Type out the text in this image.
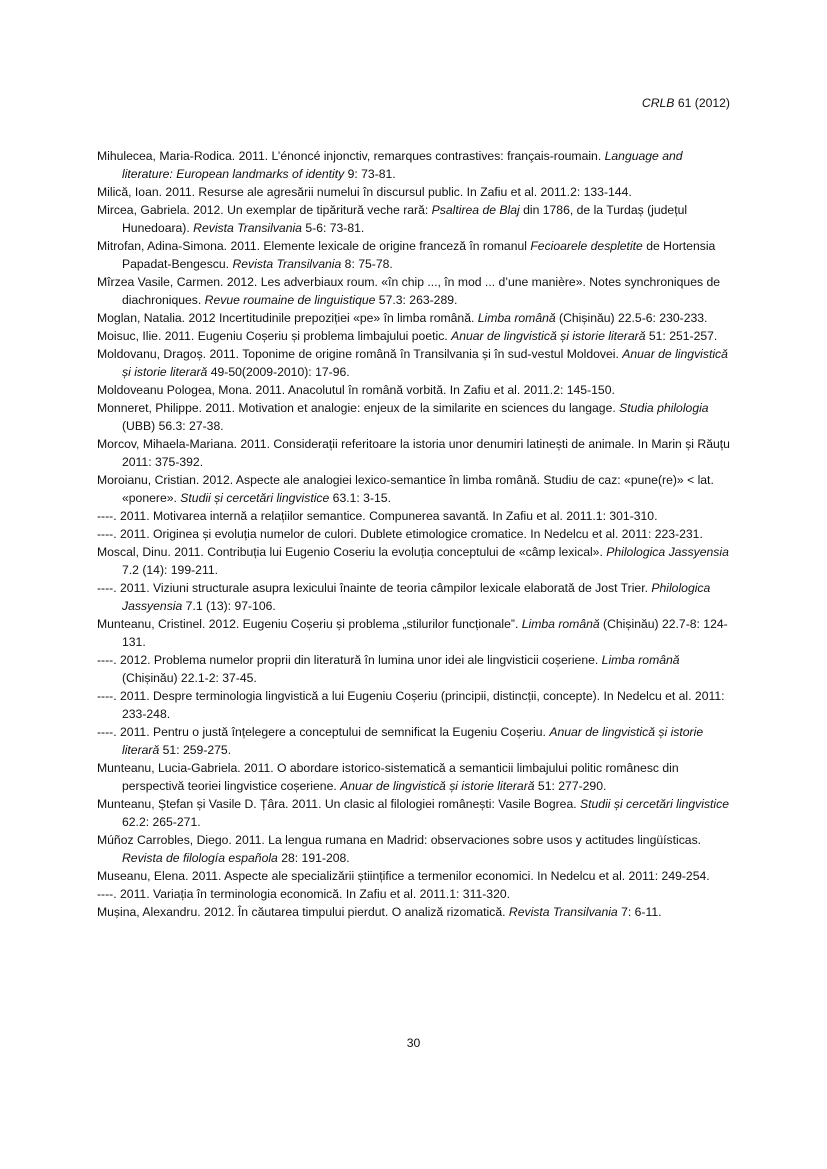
CRLB 61 (2012)

Mihulecea, Maria-Rodica. 2011. L’énoncé injonctiv, remarques contrastives: français-roumain. Language and literature: European landmarks of identity 9: 73-81.

Milică, Ioan. 2011. Resurse ale agresării numelui în discursul public. In Zafiu et al. 2011.2: 133-144.

Mircea, Gabriela. 2012. Un exemplar de tipăritură veche rară: Psaltirea de Blaj din 1786, de la Turdaș (județul Hunedoara). Revista Transilvania 5-6: 73-81.

Mitrofan, Adina-Simona. 2011. Elemente lexicale de origine franceză în romanul Fecioarele despletite de Hortensia Papadat-Bengescu. Revista Transilvania 8: 75-78.

Mîrzea Vasile, Carmen. 2012. Les adverbiaux roum. «în chip ..., în mod ... d’une manière». Notes synchroniques de diachroniques. Revue roumaine de linguistique 57.3: 263-289.

Moglan, Natalia. 2012 Incertitudinile prepoziției «pe» în limba română. Limba română (Chișinău) 22.5-6: 230-233.

Moisuc, Ilie. 2011. Eugeniu Coșeriu și problema limbajului poetic. Anuar de lingvistică și istorie literară 51: 251-257.

Moldovanu, Dragoș. 2011. Toponime de origine română în Transilvania și în sud-vestul Moldovei. Anuar de lingvistică și istorie literară 49-50(2009-2010): 17-96.

Moldoveanu Pologea, Mona. 2011. Anacolutul în română vorbită. In Zafiu et al. 2011.2: 145-150.

Monneret, Philippe. 2011. Motivation et analogie: enjeux de la similarite en sciences du langage. Studia philologia (UBB) 56.3: 27-38.

Morcov, Mihaela-Mariana. 2011. Considerații referitoare la istoria unor denumiri latinești de animale. In Marin și Răuțu 2011: 375-392.

Moroianu, Cristian. 2012. Aspecte ale analogiei lexico-semantice în limba română. Studiu de caz: «pune(re)» < lat. «ponere». Studii și cercetări lingvistice 63.1: 3-15.

----. 2011. Motivarea internă a relațiilor semantice. Compunerea savantă. In Zafiu et al. 2011.1: 301-310.

----. 2011. Originea și evoluția numelor de culori. Dublete etimologice cromatice. In Nedelcu et al. 2011: 223-231.

Moscal, Dinu. 2011. Contribuția lui Eugenio Coseriu la evoluția conceptului de «câmp lexical». Philologica Jassyensia 7.2 (14): 199-211.

----. 2011. Viziuni structurale asupra lexicului înainte de teoria câmpilor lexicale elaborată de Jost Trier. Philologica Jassyensia 7.1 (13): 97-106.

Munteanu, Cristinel. 2012. Eugeniu Coșeriu și problema „stilurilor funcționale”. Limba română (Chișinău) 22.7-8: 124-131.

----. 2012. Problema numelor proprii din literatură în lumina unor idei ale lingvisticii coșeriene. Limba română (Chișinău) 22.1-2: 37-45.

----. 2011. Despre terminologia lingvistică a lui Eugeniu Coșeriu (principii, distincții, concepte). In Nedelcu et al. 2011: 233-248.

----. 2011. Pentru o justă înțelegere a conceptului de semnificat la Eugeniu Coșeriu. Anuar de lingvistică și istorie literară 51: 259-275.

Munteanu, Lucia-Gabriela. 2011. O abordare istorico-sistematică a semanticii limbajului politic românesc din perspectivă teoriei lingvistice coșeriene. Anuar de lingvistică și istorie literară 51: 277-290.

Munteanu, Ștefan și Vasile D. Țâra. 2011. Un clasic al filologiei românești: Vasile Bogrea. Studii și cercetări lingvistice 62.2: 265-271.

Múñoz Carrobles, Diego. 2011. La lengua rumana en Madrid: observaciones sobre usos y actitudes lingüísticas. Revista de filología española 28: 191-208.

Museanu, Elena. 2011. Aspecte ale specializării științifice a termenilor economici. In Nedelcu et al. 2011: 249-254.

----. 2011. Variația în terminologia economică. In Zafiu et al. 2011.1: 311-320.

Mușina, Alexandru. 2012. În căutarea timpului pierdut. O analiză rizomatică. Revista Transilvania 7: 6-11.

30
